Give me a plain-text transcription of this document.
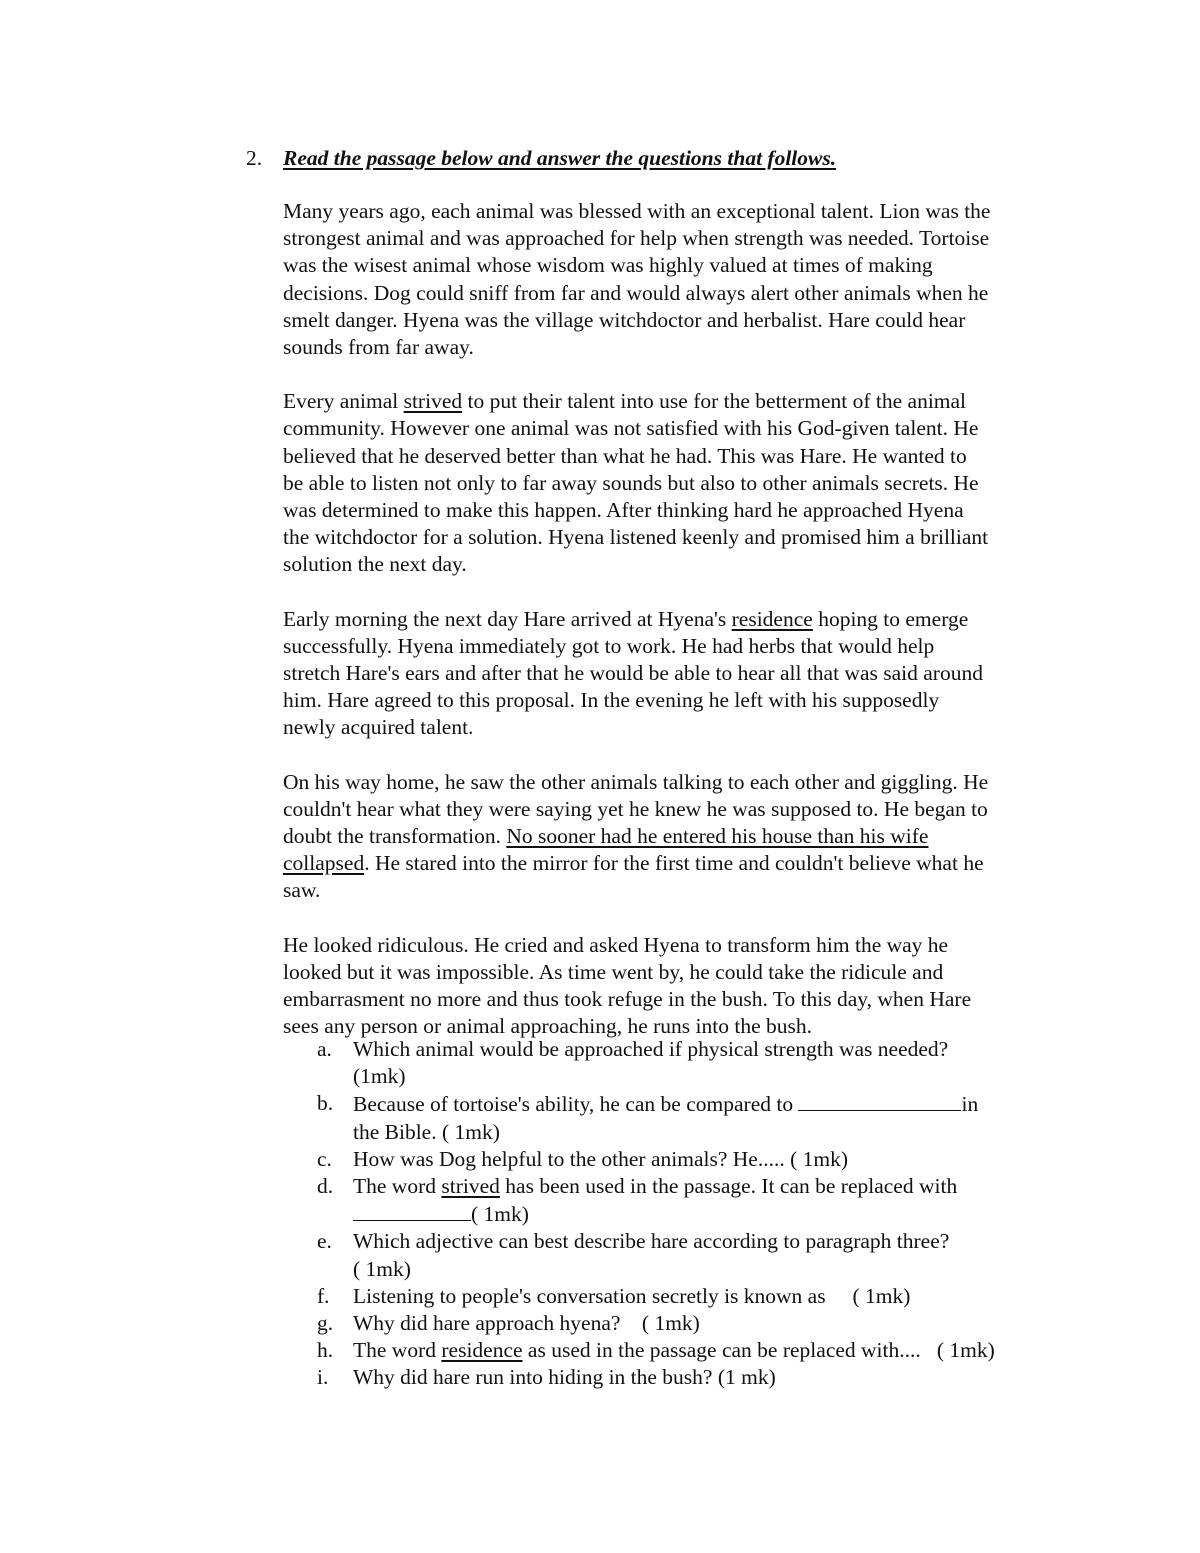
2. Read the passage below and answer the questions that follows.

Many years ago, each animal was blessed with an exceptional talent. Lion was the
strongest animal and was approached for help when strength was needed. Tortoise
was the wisest animal whose wisdom was highly valued at times of making
decisions. Dog could sniff from far and would always alert other animals when he
smelt danger. Hyena was the village witchdoctor and herbalist. Hare could hear
sounds from far away.

Every animal strived to put their talent into use for the betterment of the animal
community. However one animal was not satisfied with his God-given talent. He
believed that he deserved better than what he had. This was Hare. He wanted to
be able to listen not only to far away sounds but also to other animals secrets. He
was determined to make this happen. After thinking hard he approached Hyena
the witchdoctor for a solution. Hyena listened keenly and promised him a brilliant
solution the next day.

Early morning the next day Hare arrived at Hyena's residence hoping to emerge
successfully. Hyena immediately got to work. He had herbs that would help
stretch Hare's ears and after that he would be able to hear all that was said around
him. Hare agreed to this proposal. In the evening he left with his supposedly
newly acquired talent.

On his way home, he saw the other animals talking to each other and giggling. He
couldn't hear what they were saying yet he knew he was supposed to. He began to
doubt the transformation. No sooner had he entered his house than his wife
collapsed. He stared into the mirror for the first time and couldn't believe what he
saw.

He looked ridiculous. He cried and asked Hyena to transform him the way he
looked but it was impossible. As time went by, he could take the ridicule and
embarrasment no more and thus took refuge in the bush. To this day, when Hare
sees any person or animal approaching, he runs into the bush.

a. Which animal would be approached if physical strength was needed?
(1mk)
b. Because of tortoise's ability, he can be compared to	in
the Bible. ( 1mk)
c. How was Dog helpful to the other animals? He..... ( 1mk)
d. The word strived has been used in the passage. It can be replaced with
( 1mk)
e. Which adjective can best describe hare according to paragraph three?
( 1mk)
f. Listening to people's conversation secretly is known as     ( 1mk)
g. Why did hare approach hyena?    ( 1mk)
h. The word residence as used in the passage can be replaced with....   ( 1mk)
i. Why did hare run into hiding in the bush? (1 mk)
